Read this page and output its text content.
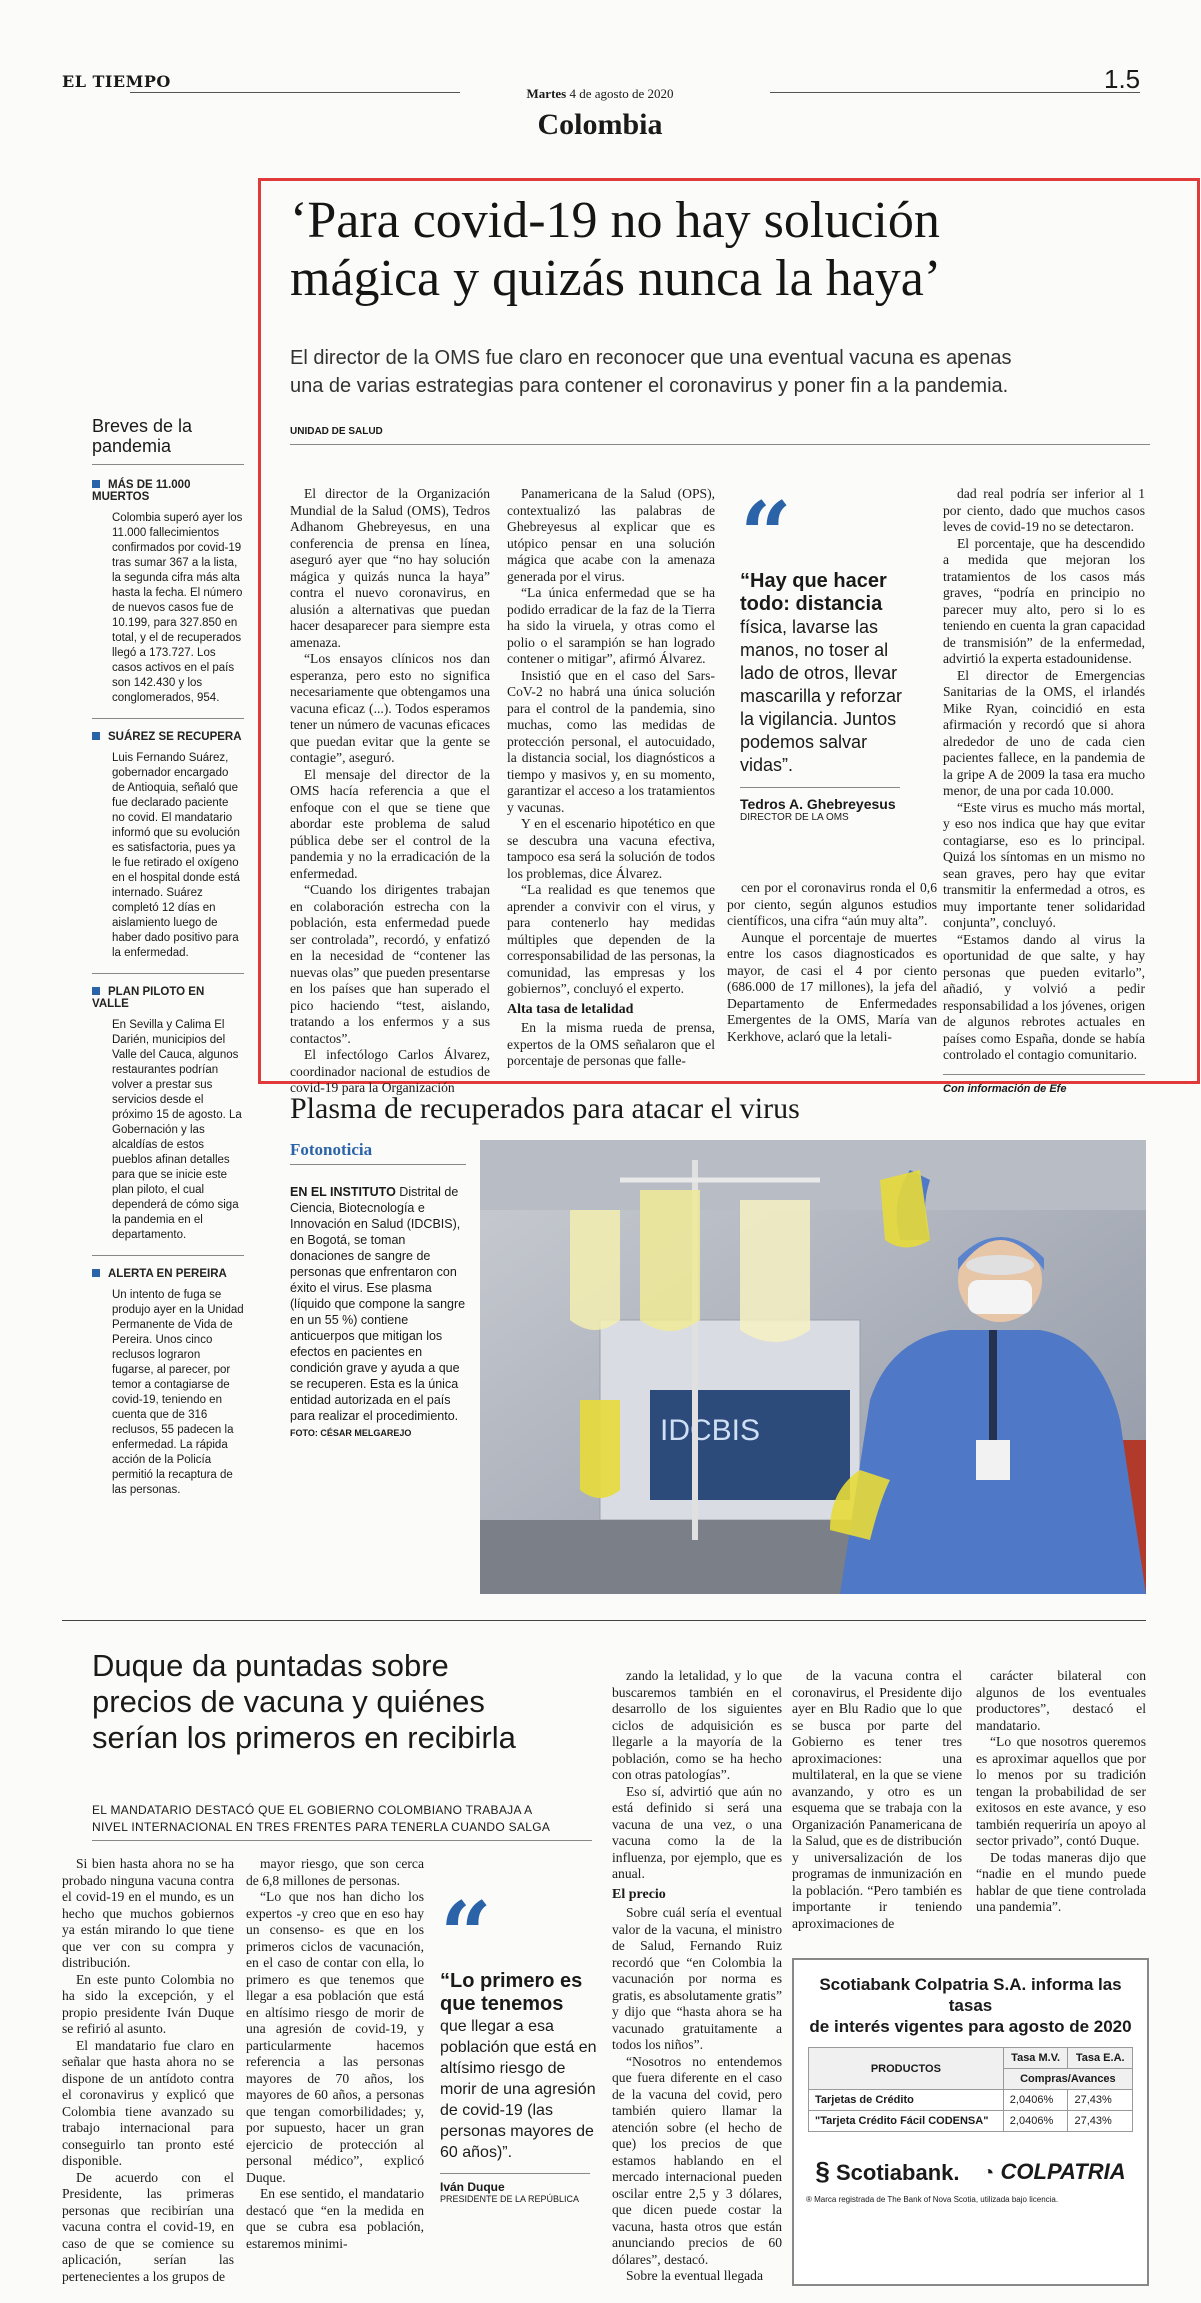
EL TIEMPO
Martes 4 de agosto de 2020	1.5
Colombia
‘Para covid-19 no hay solución
mágica y quizás nunca la haya’
El director de la OMS fue claro en reconocer que una eventual vacuna es apenas
una de varias estrategias para contener el coronavirus y poner fin a la pandemia.
UNIDAD DE SALUD

El director de la Organización Mundial de la Salud (OMS), Tedros Adhanom Ghebreyesus, en una conferencia de prensa en línea, aseguró ayer que “no hay solución mágica y quizás nunca la haya” contra el nuevo coronavirus, en alusión a alternativas que puedan hacer desaparecer para siempre esta amenaza.

“Los ensayos clínicos nos dan esperanza, pero esto no significa necesariamente que obtengamos una vacuna eficaz (...). Todos esperamos tener un número de vacunas eficaces que puedan evitar que la gente se contagie”, aseguró.

El mensaje del director de la OMS hacía referencia a que el enfoque con el que se tiene que abordar este problema de salud pública debe ser el control de la pandemia y no la erradicación de la enfermedad.

“Cuando los dirigentes trabajan en colaboración estrecha con la población, esta enfermedad puede ser controlada”, recordó, y enfatizó en la necesidad de “contener las nuevas olas” que pueden presentarse en los países que han superado el pico haciendo “test, aislando, tratando a los enfermos y a sus contactos”.

El infectólogo Carlos Álvarez, coordinador nacional de estudios de covid-19 para la Organización

Panamericana de la Salud (OPS), contextualizó las palabras de Ghebreyesus al explicar que es utópico pensar en una solución mágica que acabe con la amenaza generada por el virus.

“La única enfermedad que se ha podido erradicar de la faz de la Tierra ha sido la viruela, y otras como el polio o el sarampión se han logrado contener o mitigar”, afirmó Álvarez.

Insistió que en el caso del Sars-CoV-2 no habrá una única solución para el control de la pandemia, sino muchas, como las medidas de protección personal, el autocuidado, la distancia social, los diagnósticos a tiempo y masivos y, en su momento, garantizar el acceso a los tratamientos y vacunas.

Y en el escenario hipotético en que se descubra una vacuna efectiva, tampoco esa será la solución de todos los problemas, dice Álvarez.

“La realidad es que tenemos que aprender a convivir con el virus, y para contenerlo hay medidas múltiples que dependen de la corresponsabilidad de las personas, la comunidad, las empresas y los gobiernos”, concluyó el experto.

Alta tasa de letalidad

En la misma rueda de prensa, expertos de la OMS señalaron que el porcentaje de personas que falle-

“
“Hay que hacer todo: distancia
física, lavarse las manos, no toser al lado de otros, llevar mascarilla y reforzar la vigilancia. Juntos podemos salvar vidas”.
Tedros A. Ghebreyesus
DIRECTOR DE LA OMS

cen por el coronavirus ronda el 0,6 por ciento, según algunos estudios científicos, una cifra “aún muy alta”.

Aunque el porcentaje de muertes entre los casos diagnosticados es mayor, de casi el 4 por ciento (686.000 de 17 millones), la jefa del Departamento de Enfermedades Emergentes de la OMS, María van Kerkhove, aclaró que la letali-

dad real podría ser inferior al 1 por ciento, dado que muchos casos leves de covid-19 no se detectaron.

El porcentaje, que ha descendido a medida que mejoran los tratamientos de los casos más graves, “podría en principio no parecer muy alto, pero si lo es teniendo en cuenta la gran capacidad de transmisión” de la enfermedad, advirtió la experta estadounidense.

El director de Emergencias Sanitarias de la OMS, el irlandés Mike Ryan, coincidió en esta afirmación y recordó que si ahora alrededor de uno de cada cien pacientes fallece, en la pandemia de la gripe A de 2009 la tasa era mucho menor, de una por cada 10.000.

“Este virus es mucho más mortal, y eso nos indica que hay que evitar contagiarse, eso es lo principal. Quizá los síntomas en un mismo no sean graves, pero hay que evitar transmitir la enfermedad a otros, es muy importante tener solidaridad conjunta”, concluyó.

“Estamos dando al virus la oportunidad de que salte, y hay personas que pueden evitarlo”, añadió, y volvió a pedir responsabilidad a los jóvenes, origen de algunos rebrotes actuales en países como España, donde se había controlado el contagio comunitario.

Con información de Efe
Breves de la
pandemia
MÁS DE 11.000 MUERTOS
Colombia superó ayer los 11.000 fallecimientos confirmados por covid-19 tras sumar 367 a la lista, la segunda cifra más alta hasta la fecha. El número de nuevos casos fue de 10.199, para 327.850 en total, y el de recuperados llegó a 173.727. Los casos activos en el país son 142.430 y los conglomerados, 954.
SUÁREZ SE RECUPERA
Luis Fernando Suárez, gobernador encargado de Antioquia, señaló que fue declarado paciente no covid. El mandatario informó que su evolución es satisfactoria, pues ya le fue retirado el oxígeno en el hospital donde está internado. Suárez completó 12 días en aislamiento luego de haber dado positivo para la enfermedad.
PLAN PILOTO EN VALLE
En Sevilla y Calima El Darién, municipios del Valle del Cauca, algunos restaurantes podrían volver a prestar sus servicios desde el próximo 15 de agosto. La Gobernación y las alcaldías de estos pueblos afinan detalles para que se inicie este plan piloto, el cual dependerá de cómo siga la pandemia en el departamento.
ALERTA EN PEREIRA
Un intento de fuga se produjo ayer en la Unidad Permanente de Vida de Pereira. Unos cinco reclusos lograron fugarse, al parecer, por temor a contagiarse de covid-19, teniendo en cuenta que de 316 reclusos, 55 padecen la enfermedad. La rápida acción de la Policía permitió la recaptura de las personas.
Plasma de recuperados para atacar el virus
Fotonoticia
EN EL INSTITUTO Distrital de Ciencia, Biotecnología e Innovación en Salud (IDCBIS), en Bogotá, se toman donaciones de sangre de personas que enfrentaron con éxito el virus. Ese plasma (líquido que compone la sangre en un 55 %) contiene anticuerpos que mitigan los efectos en pacientes en condición grave y ayuda a que se recuperen. Esta es la única entidad autorizada en el país para realizar el procedimiento. FOTO: CÉSAR MELGAREJO	IDCBIS
Duque da puntadas sobre
precios de vacuna y quiénes
serían los primeros en recibirla
EL MANDATARIO DESTACÓ QUE EL GOBIERNO COLOMBIANO TRABAJA A
NIVEL INTERNACIONAL EN TRES FRENTES PARA TENERLA CUANDO SALGA

Si bien hasta ahora no se ha probado ninguna vacuna contra el covid-19 en el mundo, es un hecho que muchos gobiernos ya están mirando lo que tiene que ver con su compra y distribución.

En este punto Colombia no ha sido la excepción, y el propio presidente Iván Duque se refirió al asunto.

El mandatario fue claro en señalar que hasta ahora no se dispone de un antídoto contra el coronavirus y explicó que Colombia tiene avanzado su trabajo internacional para conseguirlo tan pronto esté disponible.

De acuerdo con el Presidente, las primeras personas que recibirían una vacuna contra el covid-19, en caso de que se comience su aplicación, serían las pertenecientes a los grupos de

mayor riesgo, que son cerca de 6,8 millones de personas.

“Lo que nos han dicho los expertos -y creo que en eso hay un consenso- es que en los primeros ciclos de vacunación, en el caso de contar con ella, lo primero es que tenemos que llegar a esa población que está en altísimo riesgo de morir de una agresión de covid-19, y particularmente hacemos referencia a las personas mayores de 70 años, los mayores de 60 años, a personas que tengan comorbilidades; y, por supuesto, hacer un gran ejercicio de protección al personal médico”, explicó Duque.

En ese sentido, el mandatario destacó que “en la medida en que se cubra esa población, estaremos minimi-

“
“Lo primero es que tenemos
que llegar a esa población que está en altísimo riesgo de morir de una agresión de covid-19 (las personas mayores de 60 años)”.
Iván Duque
PRESIDENTE DE LA REPÚBLICA

zando la letalidad, y lo que buscaremos también en el desarrollo de los siguientes ciclos de adquisición es llegarle a la mayoría de la población, como se ha hecho con otras patologías”.

Eso sí, advirtió que aún no está definido si será una vacuna de una vez, o una vacuna como la de la influenza, por ejemplo, que es anual.

El precio

Sobre cuál sería el eventual valor de la vacuna, el ministro de Salud, Fernando Ruiz recordó que “en Colombia la vacunación por norma es gratis, es absolutamente gratis” y dijo que “hasta ahora se ha vacunado gratuitamente a todos los niños”.

“Nosotros no entendemos que fuera diferente en el caso de la vacuna del covid, pero también quiero llamar la atención sobre (el hecho de que) los precios de que estamos hablando en el mercado internacional pueden oscilar entre 2,5 y 3 dólares, que dicen puede costar la vacuna, hasta otros que están anunciando precios de 60 dólares”, destacó.

Sobre la eventual llegada

de la vacuna contra el coronavirus, el Presidente dijo ayer en Blu Radio que lo que se busca por parte del Gobierno es tener tres aproximaciones: una multilateral, en la que se viene avanzando, y otro es un esquema que se trabaja con la Organización Panamericana de la Salud, que es de distribución y universalización de los programas de inmunización en la población. “Pero también es importante ir teniendo aproximaciones de

carácter bilateral con algunos de los eventuales productores”, destacó el mandatario.

“Lo que nosotros queremos es aproximar aquellos que por lo menos por su tradición tengan la probabilidad de ser exitosos en este avance, y eso también requeriría un apoyo al sector privado”, contó Duque.

De todas maneras dijo que “nadie en el mundo puede hablar de que tiene controlada una pandemia”.

Scotiabank Colpatria S.A. informa las tasas
de interés vigentes para agosto de 2020
PRODUCTOS	Tasa M.V.	Tasa E.A.
	Compras/Avances	
Tarjetas de Crédito	2,0406%	27,43%
"Tarjeta Crédito Fácil CODENSA"	2,0406%	27,43%
§ Scotiabank. ◔ COLPATRIA
® Marca registrada de The Bank of Nova Scotia, utilizada bajo licencia.
